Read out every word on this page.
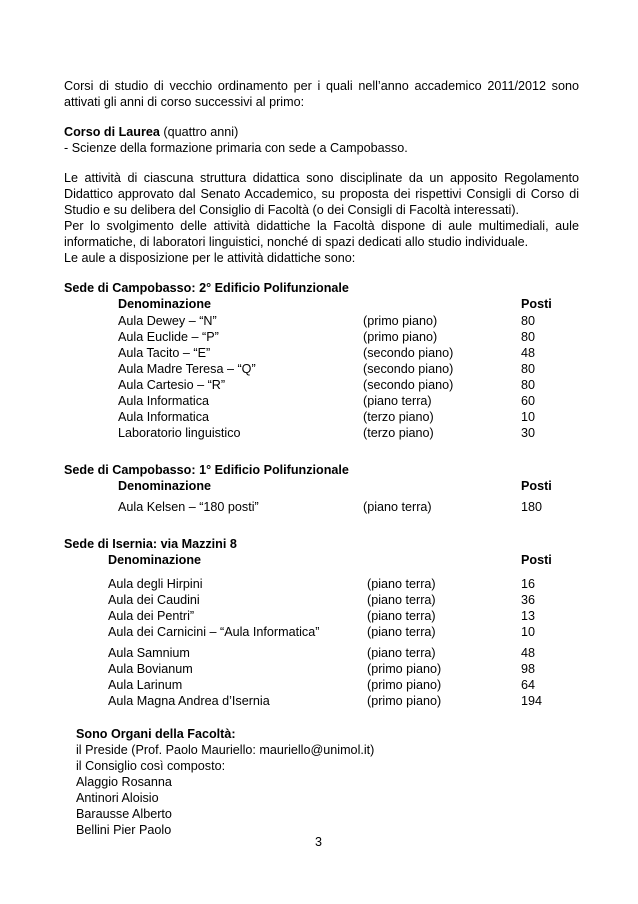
Corsi di studio di vecchio ordinamento per i quali nell’anno accademico 2011/2012 sono
attivati gli anni di corso successivi al primo:
Corso di Laurea (quattro anni)
- Scienze della formazione primaria con sede a Campobasso.
Le attività di ciascuna struttura didattica sono disciplinate da un apposito Regolamento
Didattico approvato dal Senato Accademico, su proposta dei rispettivi Consigli di Corso di
Studio e su delibera del Consiglio di Facoltà (o dei Consigli di Facoltà interessati).
Per lo svolgimento delle attività didattiche la Facoltà dispone di aule multimediali, aule
informatiche, di laboratori linguistici, nonché di spazi dedicati allo studio individuale.
Le aule a disposizione per le attività didattiche sono:
Sede di Campobasso: 2° Edificio Polifunzionale
Denominazione	Posti
Aula Dewey – “N”	(primo piano)	80
Aula Euclide – “P”	(primo piano)	80
Aula Tacito – “E”	(secondo piano)	48
Aula Madre Teresa – “Q”	(secondo piano)	80
Aula Cartesio – “R”	(secondo piano)	80
Aula Informatica	(piano terra)	60
Aula Informatica	(terzo piano)	10
Laboratorio linguistico	(terzo piano)	30
Sede di Campobasso: 1° Edificio Polifunzionale
Denominazione	Posti
Aula Kelsen – “180 posti”	(piano terra)	180
Sede di Isernia: via Mazzini 8
Denominazione	Posti
Aula degli Hirpini	(piano terra)	16
Aula dei Caudini	(piano terra)	36
Aula dei Pentri”	(piano terra)	13
Aula dei Carnicini – “Aula Informatica”	(piano terra)	10
Aula Samnium	(piano terra)	48
Aula Bovianum	(primo piano)	98
Aula Larinum	(primo piano)	64
Aula Magna Andrea d’Isernia	(primo piano)	194
Sono Organi della Facoltà:
il Preside (Prof. Paolo Mauriello: mauriello@unimol.it)
il Consiglio così composto:
Alaggio Rosanna
Antinori Aloisio
Barausse Alberto
Bellini Pier Paolo
3
